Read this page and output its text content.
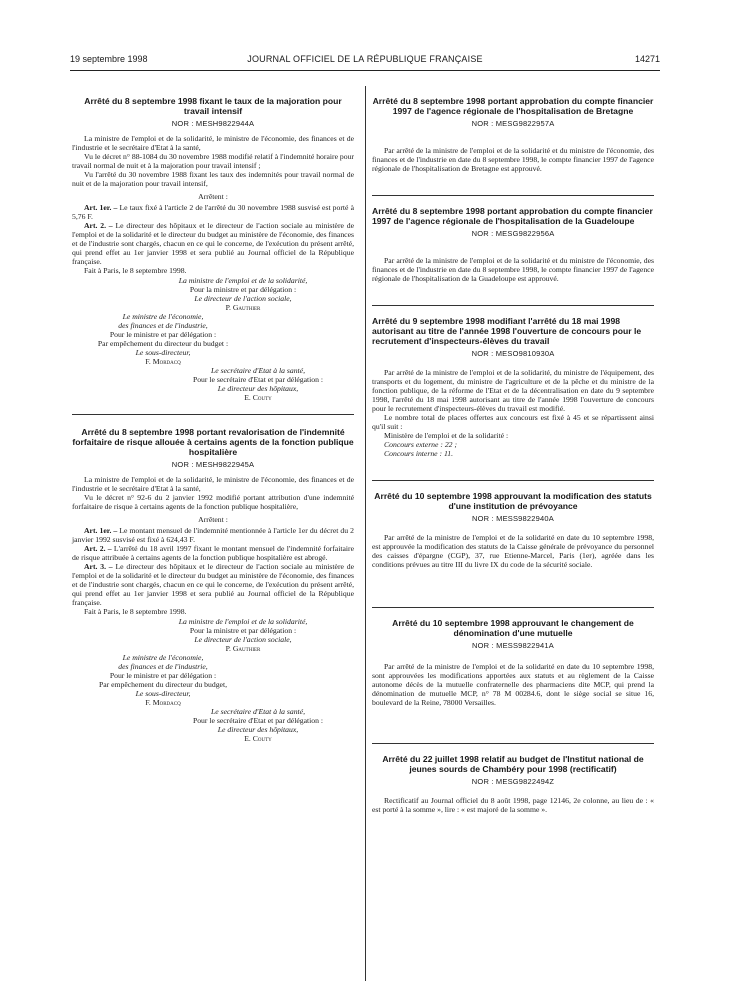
19 septembre 1998	JOURNAL OFFICIEL DE LA RÉPUBLIQUE FRANÇAISE	14271
Arrêté du 8 septembre 1998 fixant le taux de la majoration pour travail intensif
NOR : MESH9822944A

La ministre de l'emploi et de la solidarité, le ministre de l'économie, des finances et de l'industrie et le secrétaire d'Etat à la santé,

Vu le décret n° 88-1084 du 30 novembre 1988 modifié relatif à l'indemnité horaire pour travail normal de nuit et à la majoration pour travail intensif ;

Vu l'arrêté du 30 novembre 1988 fixant les taux des indemnités pour travail normal de nuit et de la majoration pour travail intensif,

Arrêtent :

Art. 1er. – Le taux fixé à l'article 2 de l'arrêté du 30 novembre 1988 susvisé est porté à 5,76 F.

Art. 2. – Le directeur des hôpitaux et le directeur de l'action sociale au ministère de l'emploi et de la solidarité et le directeur du budget au ministère de l'économie, des finances et de l'industrie sont chargés, chacun en ce qui le concerne, de l'exécution du présent arrêté, qui prend effet au 1er janvier 1998 et sera publié au Journal officiel de la République française.

Fait à Paris, le 8 septembre 1998.

La ministre de l'emploi et de la solidarité,

Pour la ministre et par délégation :

Le directeur de l'action sociale,

P. Gauthier

Le ministre de l'économie,

des finances et de l'industrie,

Pour le ministre et par délégation :

Par empêchement du directeur du budget :

Le sous-directeur,

F. Mordacq

Le secrétaire d'Etat à la santé,

Pour le secrétaire d'Etat et par délégation :

Le directeur des hôpitaux,

E. Couty

Arrêté du 8 septembre 1998 portant revalorisation de l'indemnité forfaitaire de risque allouée à certains agents de la fonction publique hospitalière
NOR : MESH9822945A

La ministre de l'emploi et de la solidarité, le ministre de l'économie, des finances et de l'industrie et le secrétaire d'Etat à la santé,

Vu le décret n° 92-6 du 2 janvier 1992 modifié portant attribution d'une indemnité forfaitaire de risque à certains agents de la fonction publique hospitalière,

Arrêtent :

Art. 1er. – Le montant mensuel de l'indemnité mentionnée à l'article 1er du décret du 2 janvier 1992 susvisé est fixé à 624,43 F.

Art. 2. – L'arrêté du 18 avril 1997 fixant le montant mensuel de l'indemnité forfaitaire de risque attribuée à certains agents de la fonction publique hospitalière est abrogé.

Art. 3. – Le directeur des hôpitaux et le directeur de l'action sociale au ministère de l'emploi et de la solidarité et le directeur du budget au ministère de l'économie, des finances et de l'industrie sont chargés, chacun en ce qui le concerne, de l'exécution du présent arrêté, qui prend effet au 1er janvier 1998 et sera publié au Journal officiel de la République française.

Fait à Paris, le 8 septembre 1998.

La ministre de l'emploi et de la solidarité,

Pour la ministre et par délégation :

Le directeur de l'action sociale,

P. Gauthier

Le ministre de l'économie,

des finances et de l'industrie,

Pour le ministre et par délégation :

Par empêchement du directeur du budget,

Le sous-directeur,

F. Mordacq

Le secrétaire d'Etat à la santé,

Pour le secrétaire d'Etat et par délégation :

Le directeur des hôpitaux,

E. Couty

Arrêté du 8 septembre 1998 portant approbation du compte financier 1997 de l'agence régionale de l'hospitalisation de Bretagne
NOR : MESG9822957A

Par arrêté de la ministre de l'emploi et de la solidarité et du ministre de l'économie, des finances et de l'industrie en date du 8 septembre 1998, le compte financier 1997 de l'agence régionale de l'hospitalisation de Bretagne est approuvé.

Arrêté du 8 septembre 1998 portant approbation du compte financier 1997 de l'agence régionale de l'hospitalisation de la Guadeloupe
NOR : MESG9822956A

Par arrêté de la ministre de l'emploi et de la solidarité et du ministre de l'économie, des finances et de l'industrie en date du 8 septembre 1998, le compte financier 1997 de l'agence régionale de l'hospitalisation de la Guadeloupe est approuvé.

Arrêté du 9 septembre 1998 modifiant l'arrêté du 18 mai 1998 autorisant au titre de l'année 1998 l'ouverture de concours pour le recrutement d'inspecteurs-élèves du travail
NOR : MESO9810930A

Par arrêté de la ministre de l'emploi et de la solidarité, du ministre de l'équipement, des transports et du logement, du ministre de l'agriculture et de la pêche et du ministre de la fonction publique, de la réforme de l'Etat et de la décentralisation en date du 9 septembre 1998, l'arrêté du 18 mai 1998 autorisant au titre de l'année 1998 l'ouverture de concours pour le recrutement d'inspecteurs-élèves du travail est modifié.

Le nombre total de places offertes aux concours est fixé à 45 et se répartissent ainsi qu'il suit :

Ministère de l'emploi et de la solidarité :

Concours externe : 22 ;

Concours interne : 11.

Arrêté du 10 septembre 1998 approuvant la modification des statuts d'une institution de prévoyance
NOR : MESS9822940A

Par arrêté de la ministre de l'emploi et de la solidarité en date du 10 septembre 1998, est approuvée la modification des statuts de la Caisse générale de prévoyance du personnel des caisses d'épargne (CGP), 37, rue Etienne-Marcel, Paris (1er), agréée dans les conditions prévues au titre III du livre IX du code de la sécurité sociale.

Arrêté du 10 septembre 1998 approuvant le changement de dénomination d'une mutuelle
NOR : MESS9822941A

Par arrêté de la ministre de l'emploi et de la solidarité en date du 10 septembre 1998, sont approuvées les modifications apportées aux statuts et au règlement de la Caisse autonome décès de la mutuelle confraternelle des pharmaciens dite MCP, qui prend la dénomination de mutuelle MCP, n° 78 M 00284.6, dont le siège social se situe 16, boulevard de la Reine, 78000 Versailles.

Arrêté du 22 juillet 1998 relatif au budget de l'Institut national de jeunes sourds de Chambéry pour 1998 (rectificatif)
NOR : MESG9822494Z

Rectificatif au Journal officiel du 8 août 1998, page 12146, 2e colonne, au lieu de : « est porté à la somme », lire : « est majoré de la somme ».
